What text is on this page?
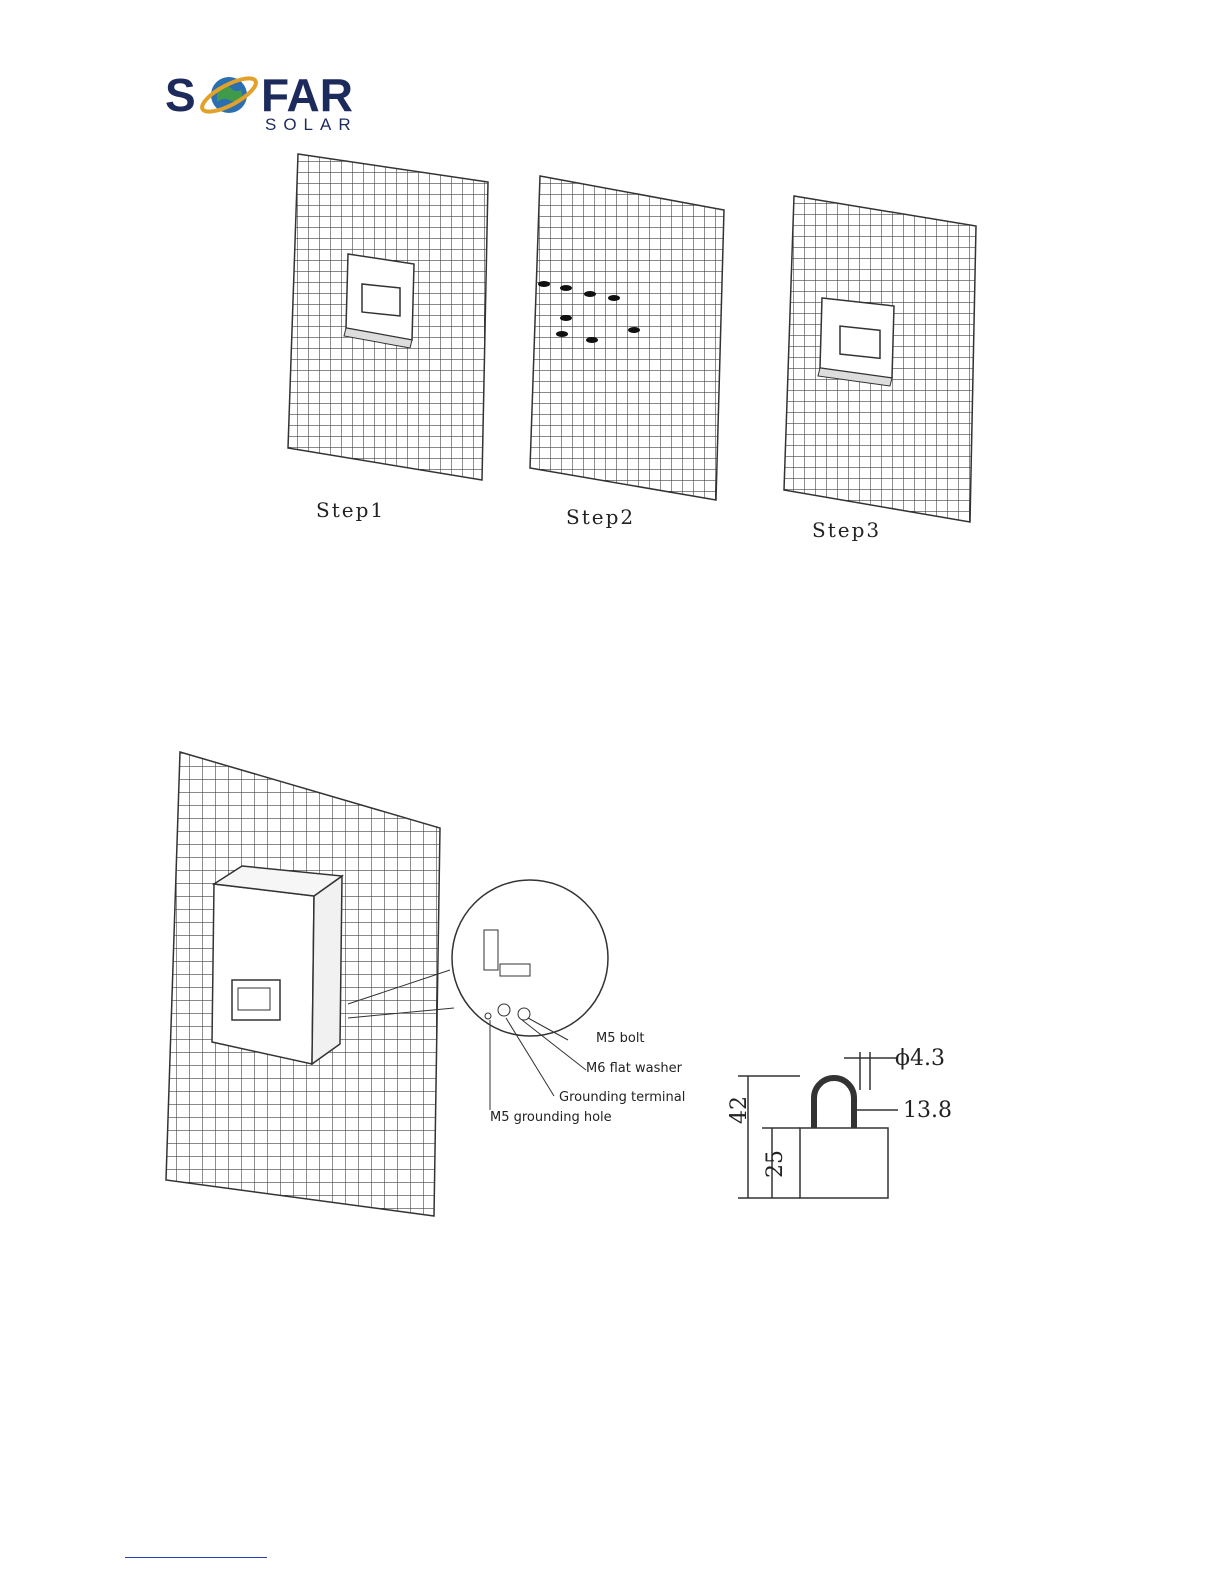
S FAR
SOLAR
Step1	Step2
Step3
M5 bolt
M6 flat washer
Grounding terminal
M5 grounding hole
ϕ4.3
13.8
42
25
